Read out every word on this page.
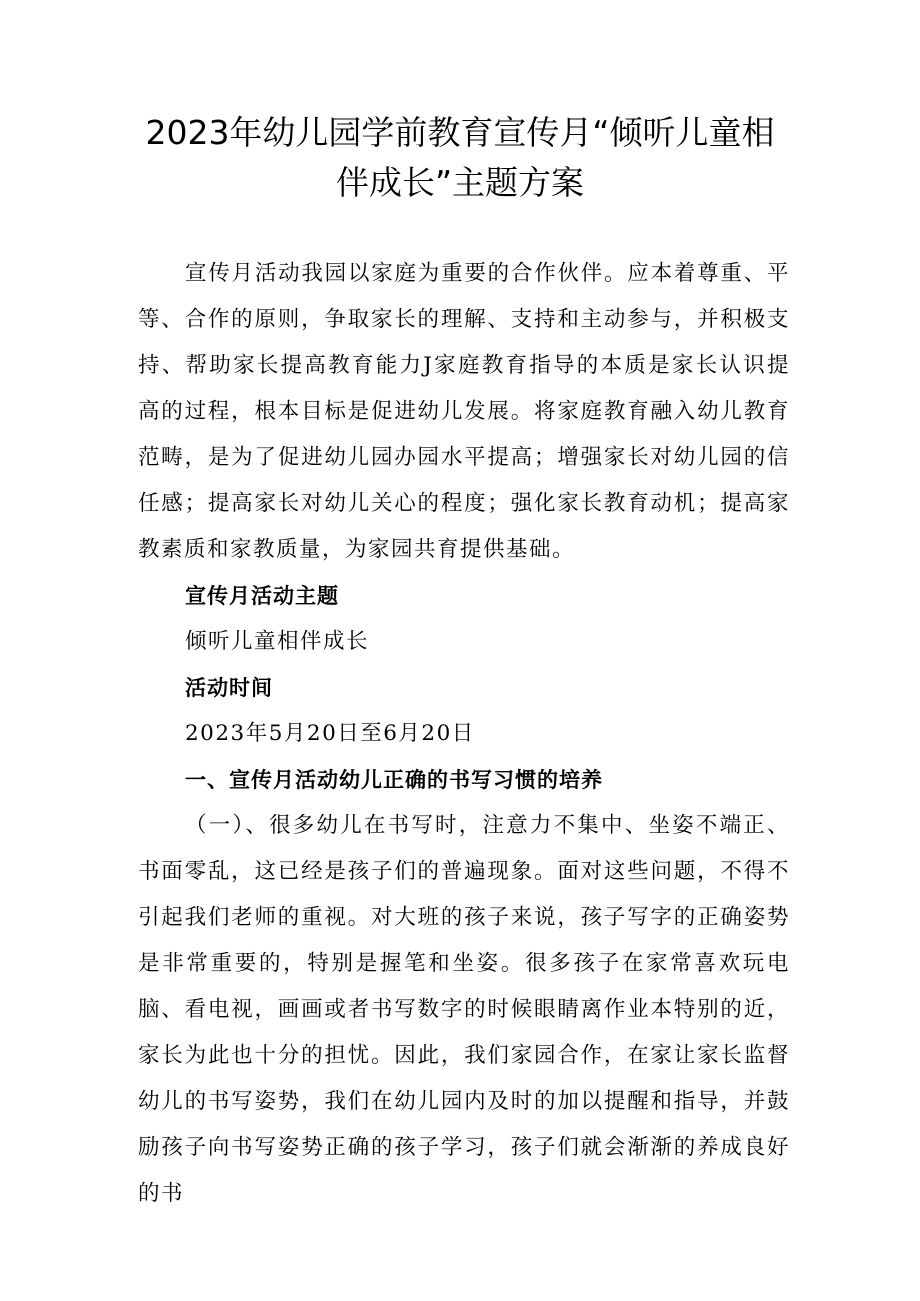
2023年幼儿园学前教育宣传月“倾听儿童相
伴成长”主题方案

宣传月活动我园以家庭为重要的合作伙伴。应本着尊重、平等、合作的原则，争取家长的理解、支持和主动参与，并积极支持、帮助家长提高教育能力J家庭教育指导的本质是家长认识提高的过程，根本目标是促进幼儿发展。将家庭教育融入幼儿教育范畴，是为了促进幼儿园办园水平提高；增强家长对幼儿园的信任感；提高家长对幼儿关心的程度；强化家长教育动机；提高家教素质和家教质量，为家园共育提供基础。

宣传月活动主题

倾听儿童相伴成长

活动时间

2023年5月20日至6月20日

一、宣传月活动幼儿正确的书写习惯的培养

（一）、很多幼儿在书写时，注意力不集中、坐姿不端正、书面零乱，这已经是孩子们的普遍现象。面对这些问题，不得不引起我们老师的重视。对大班的孩子来说，孩子写字的正确姿势是非常重要的，特别是握笔和坐姿。很多孩子在家常喜欢玩电脑、看电视，画画或者书写数字的时候眼睛离作业本特别的近，家长为此也十分的担忧。因此，我们家园合作，在家让家长监督幼儿的书写姿势，我们在幼儿园内及时的加以提醒和指导，并鼓励孩子向书写姿势正确的孩子学习，孩子们就会渐渐的养成良好的书
